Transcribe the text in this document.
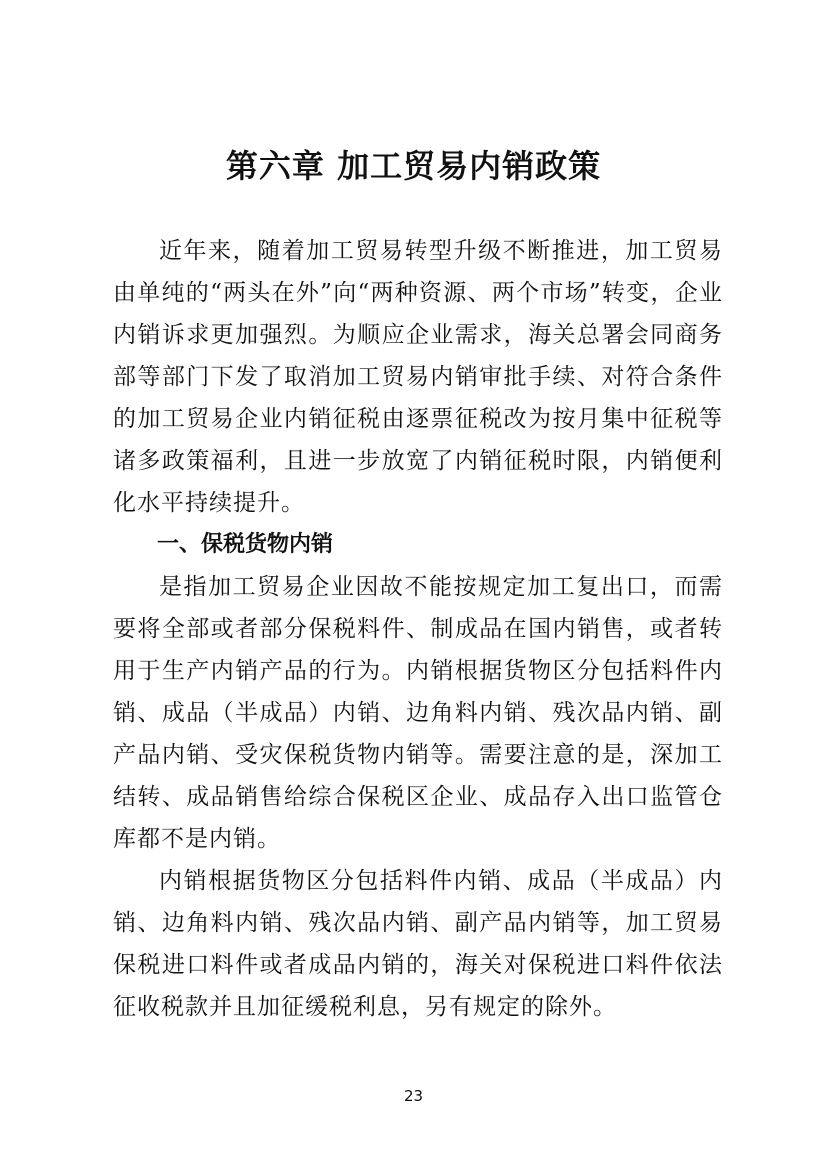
第六章 加工贸易内销政策

近年来，随着加工贸易转型升级不断推进，加工贸易由单纯的“两头在外”向“两种资源、两个市场”转变，企业内销诉求更加强烈。为顺应企业需求，海关总署会同商务部等部门下发了取消加工贸易内销审批手续、对符合条件的加工贸易企业内销征税由逐票征税改为按月集中征税等诸多政策福利，且进一步放宽了内销征税时限，内销便利化水平持续提升。

一、保税货物内销

是指加工贸易企业因故不能按规定加工复出口，而需要将全部或者部分保税料件、制成品在国内销售，或者转用于生产内销产品的行为。内销根据货物区分包括料件内销、成品（半成品）内销、边角料内销、残次品内销、副产品内销、受灾保税货物内销等。需要注意的是，深加工结转、成品销售给综合保税区企业、成品存入出口监管仓库都不是内销。

内销根据货物区分包括料件内销、成品（半成品）内销、边角料内销、残次品内销、副产品内销等，加工贸易保税进口料件或者成品内销的，海关对保税进口料件依法征收税款并且加征缓税利息，另有规定的除外。

23
